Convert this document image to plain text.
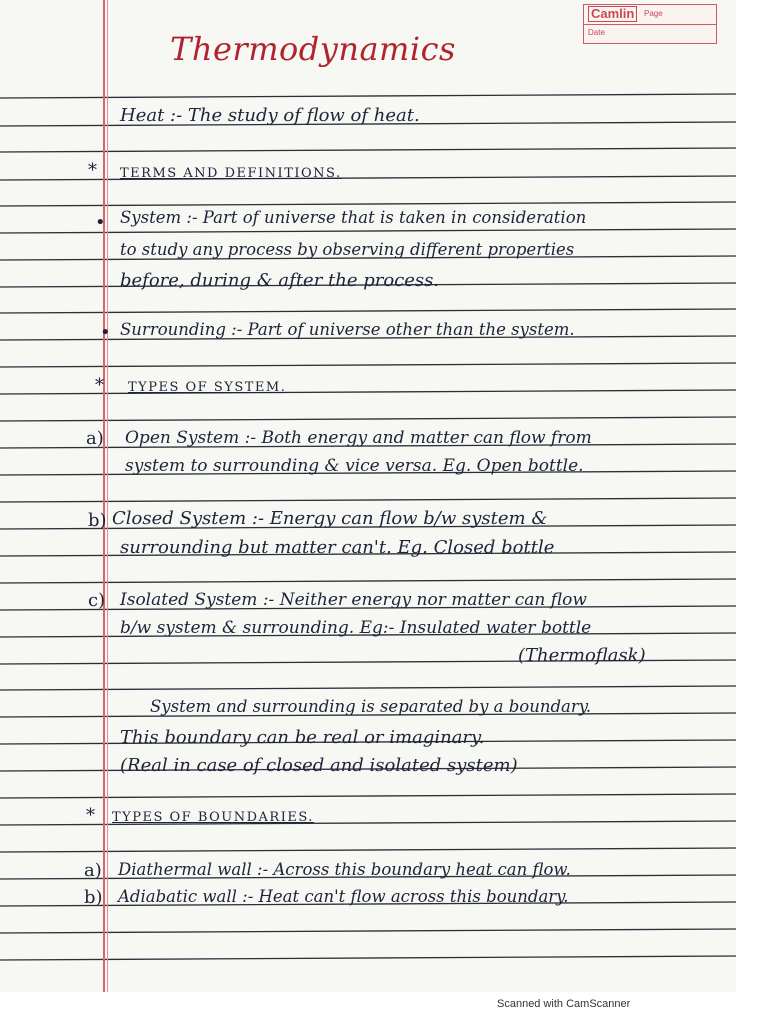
Camlin	Page
Date
Thermodynamics
Heat :- The study of flow of heat.
* TERMS AND DEFINITIONS.
• System :- Part of universe that is taken in consideration
to study any process by observing different properties
before, during & after the process.
• Surrounding :- Part of universe other than the system.
* TYPES OF SYSTEM.
a) Open System :- Both energy and matter can flow from
system to surrounding & vice versa. Eg. Open bottle.
b) Closed System :- Energy can flow b/w system &
surrounding but matter can't. Eg. Closed bottle
c) Isolated System :- Neither energy nor matter can flow
b/w system & surrounding. Eg:- Insulated water bottle
(Thermoflask)
System and surrounding is separated by a boundary.
This boundary can be real or imaginary.
(Real in case of closed and isolated system)
* TYPES OF BOUNDARIES.
a) Diathermal wall :- Across this boundary heat can flow.
b) Adiabatic wall :- Heat can't flow across this boundary.
Scanned with CamScanner
